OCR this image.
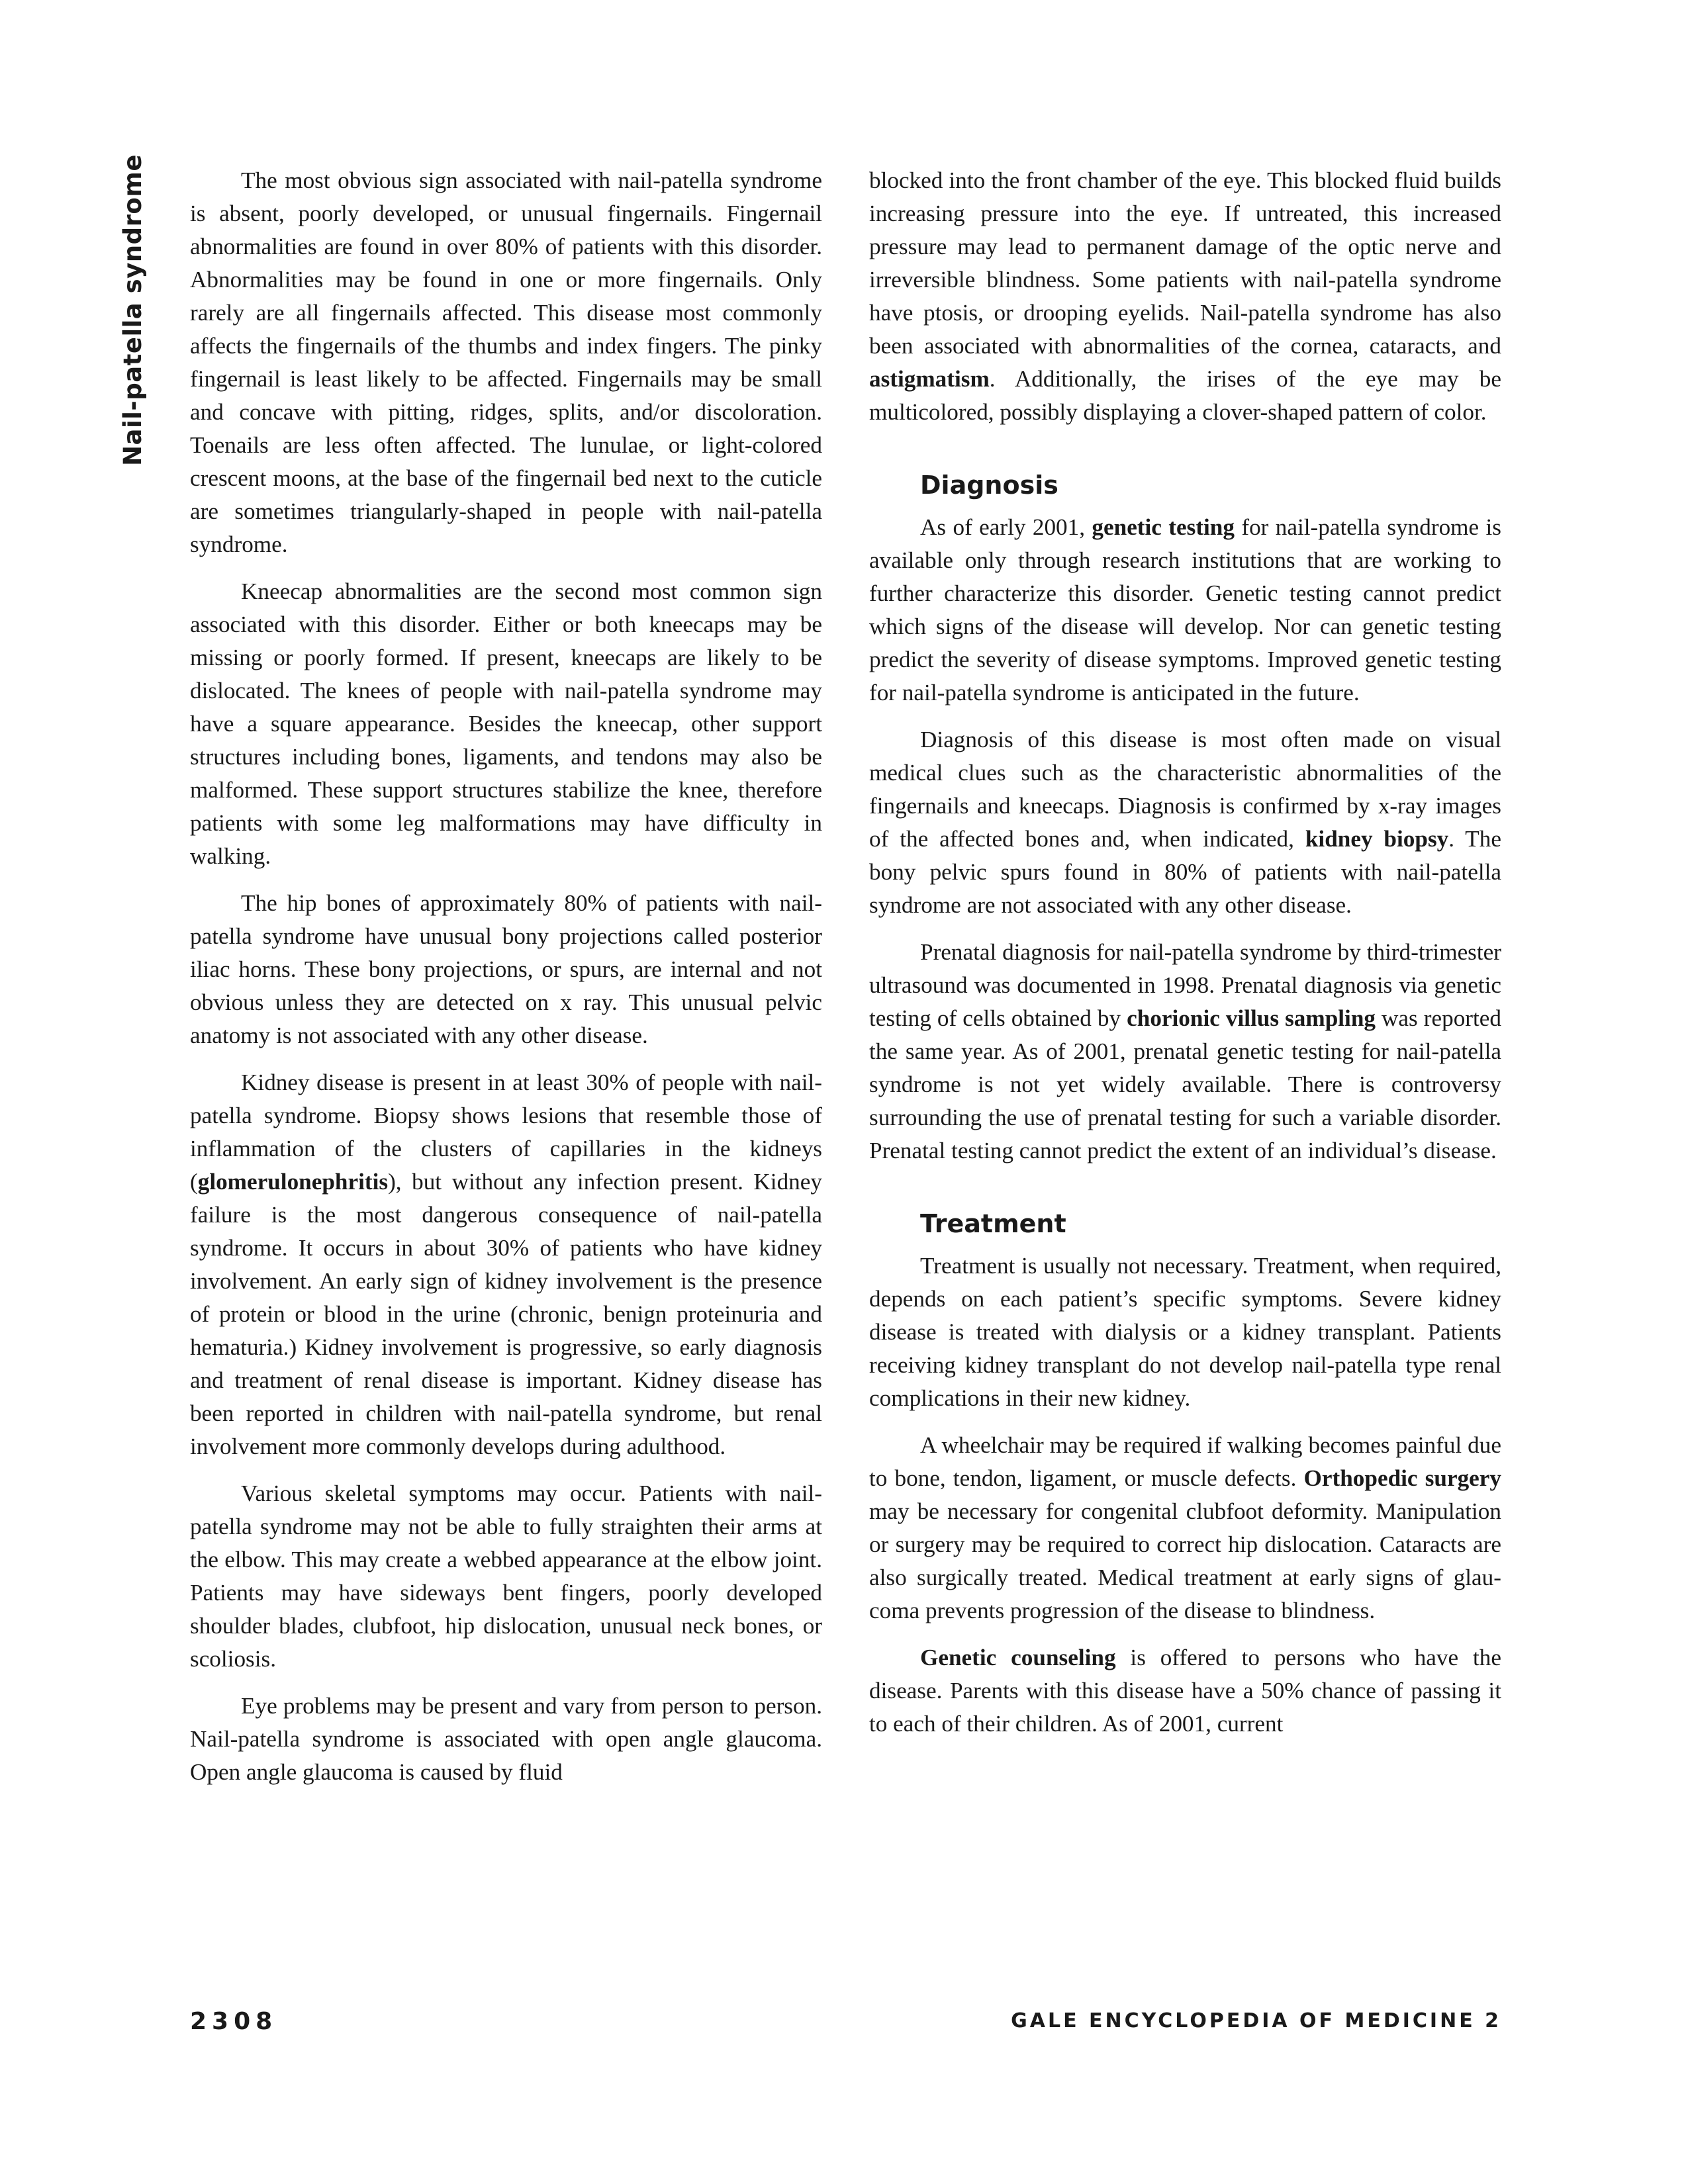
Nail-patella syndrome	The most obvious sign associated with nail-patella syndrome is absent, poorly developed, or unusual fingernails. Fingernail abnormalities are found in over 80% of patients with this disorder. Abnormalities may be found in one or more fingernails. Only rarely are all fingernails affected. This disease most commonly affects the fingernails of the thumbs and index fingers. The pinky fingernail is least likely to be affected. Fingernails may be small and concave with pitting, ridges, splits, and/or discoloration. Toenails are less often affected. The lunulae, or light-colored crescent moons, at the base of the fingernail bed next to the cuticle are sometimes triangularly-shaped in people with nail-patella syndrome.

Kneecap abnormalities are the second most common sign associated with this disorder. Either or both kneecaps may be missing or poorly formed. If present, kneecaps are likely to be dislocated. The knees of people with nail-patella syndrome may have a square appearance. Besides the kneecap, other support structures including bones, ligaments, and tendons may also be malformed. These support structures stabilize the knee, therefore patients with some leg malformations may have difficulty in walking.

The hip bones of approximately 80% of patients with nail-patella syndrome have unusual bony projections called posterior iliac horns. These bony projections, or spurs, are internal and not obvious unless they are detected on x ray. This unusual pelvic anatomy is not associated with any other disease.

Kidney disease is present in at least 30% of people with nail-patella syndrome. Biopsy shows lesions that resemble those of inflammation of the clusters of capillaries in the kidneys (glomerulonephritis), but without any infection present. Kidney failure is the most dangerous consequence of nail-patella syndrome. It occurs in about 30% of patients who have kidney involvement. An early sign of kidney involvement is the presence of protein or blood in the urine (chronic, benign proteinuria and hematuria.) Kidney involvement is progressive, so early diagnosis and treatment of renal disease is important. Kidney disease has been reported in children with nail-patella syndrome, but renal involvement more commonly develops during adulthood.

Various skeletal symptoms may occur. Patients with nail-patella syndrome may not be able to fully straighten their arms at the elbow. This may create a webbed appearance at the elbow joint. Patients may have sideways bent fingers, poorly developed shoulder blades, clubfoot, hip dislocation, unusual neck bones, or scoliosis.

Eye problems may be present and vary from person to person. Nail-patella syndrome is associated with open angle glaucoma. Open angle glaucoma is caused by fluid

blocked into the front chamber of the eye. This blocked fluid builds increasing pressure into the eye. If untreated, this increased pressure may lead to permanent damage of the optic nerve and irreversible blindness. Some patients with nail-patella syndrome have ptosis, or drooping eyelids. Nail-patella syndrome has also been associated with abnormalities of the cornea, cataracts, and astigmatism. Additionally, the irises of the eye may be multicolored, possibly displaying a clover-shaped pattern of color.

Diagnosis

As of early 2001, genetic testing for nail-patella syndrome is available only through research institutions that are working to further characterize this disorder. Genetic testing cannot predict which signs of the disease will develop. Nor can genetic testing predict the severity of disease symptoms. Improved genetic testing for nail-patella syndrome is anticipated in the future.

Diagnosis of this disease is most often made on visual medical clues such as the characteristic abnormalities of the fingernails and kneecaps. Diagnosis is confirmed by x-ray images of the affected bones and, when indicated, kidney biopsy. The bony pelvic spurs found in 80% of patients with nail-patella syndrome are not associated with any other disease.

Prenatal diagnosis for nail-patella syndrome by third-trimester ultrasound was documented in 1998. Prenatal diagnosis via genetic testing of cells obtained by chorionic villus sampling was reported the same year. As of 2001, prenatal genetic testing for nail-patella syndrome is not yet widely available. There is controversy surrounding the use of prenatal testing for such a variable disorder. Prenatal testing cannot predict the extent of an individual’s disease.

Treatment

Treatment is usually not necessary. Treatment, when required, depends on each patient’s specific symptoms. Severe kidney disease is treated with dialysis or a kidney transplant. Patients receiving kidney transplant do not develop nail-patella type renal complications in their new kidney.

A wheelchair may be required if walking becomes painful due to bone, tendon, ligament, or muscle defects. Orthopedic surgery may be necessary for congenital clubfoot deformity. Manipulation or surgery may be required to correct hip dislocation. Cataracts are also surgically treated. Medical treatment at early signs of glaucoma prevents progression of the disease to blindness.

Genetic counseling is offered to persons who have the disease. Parents with this disease have a 50% chance of passing it to each of their children. As of 2001, current

2308	GALE ENCYCLOPEDIA OF MEDICINE 2
